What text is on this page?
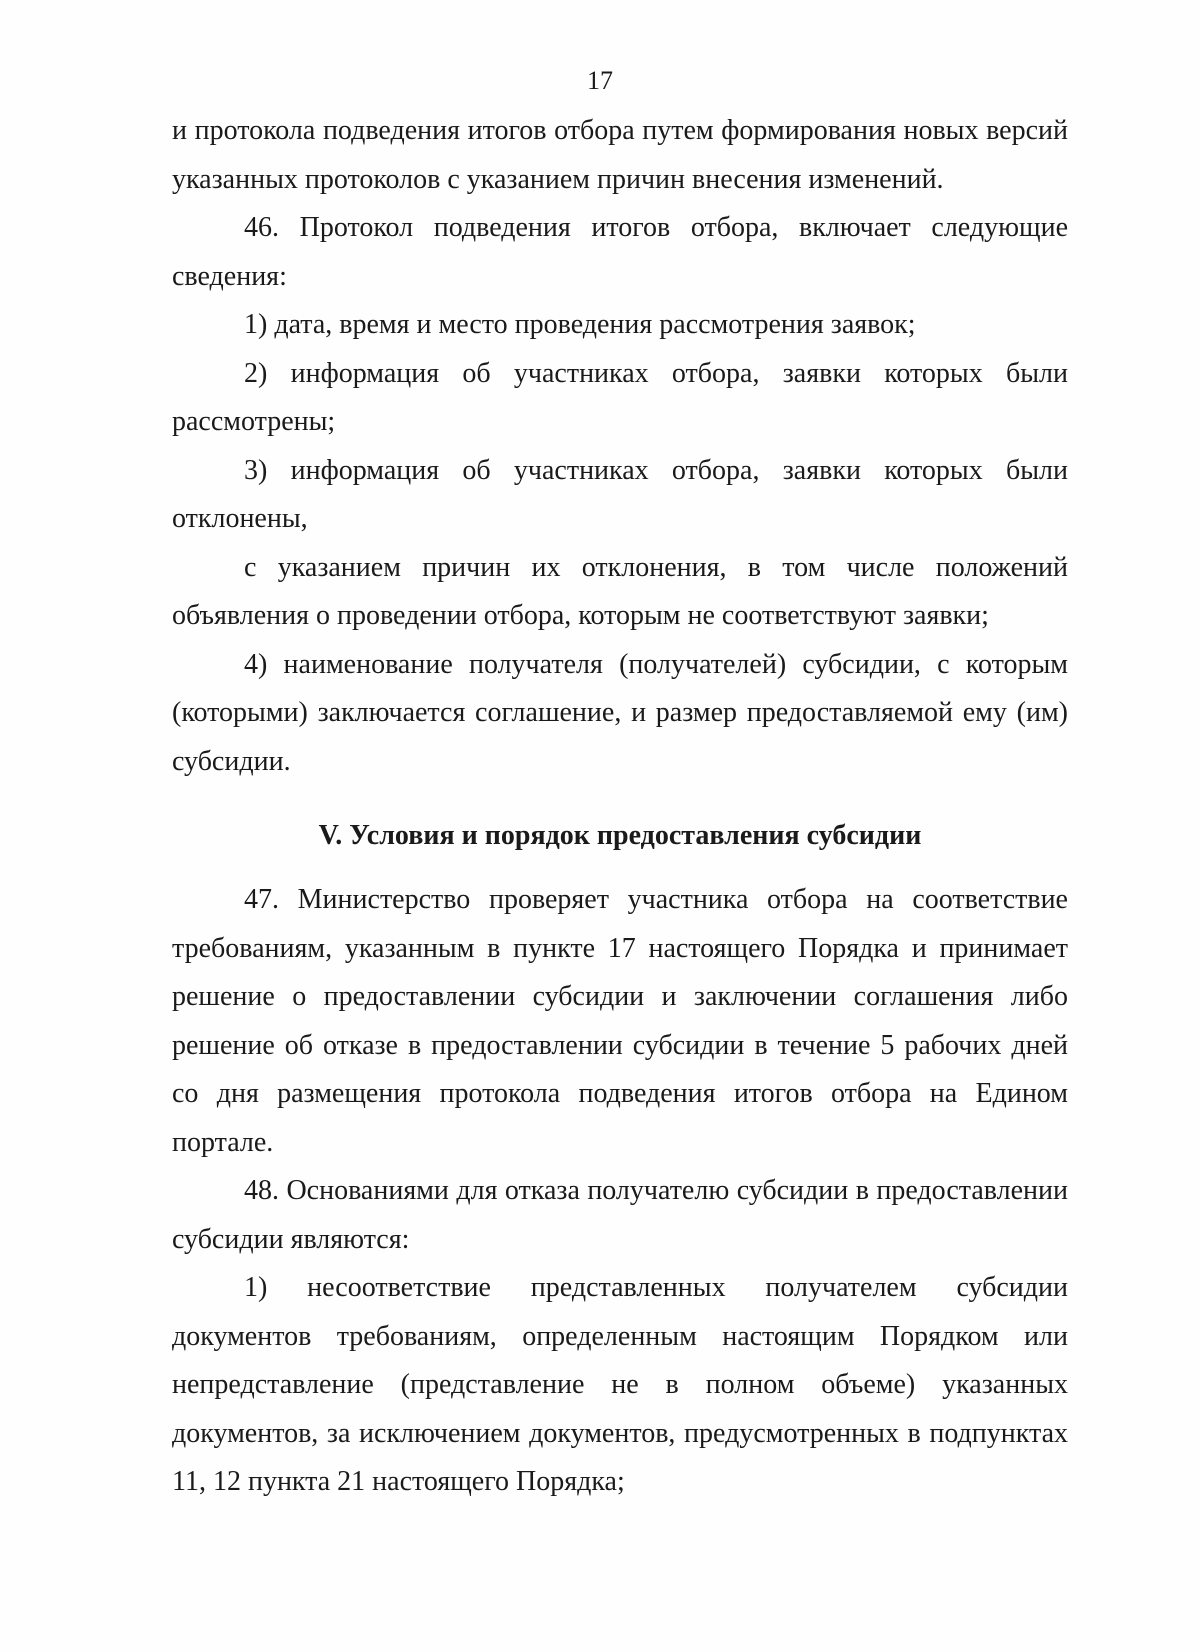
17

и протокола подведения итогов отбора путем формирования новых версий указанных протоколов с указанием причин внесения изменений.

46. Протокол подведения итогов отбора, включает следующие сведения:

1) дата, время и место проведения рассмотрения заявок;

2) информация об участниках отбора, заявки которых были рассмотрены;

3) информация об участниках отбора, заявки которых были отклонены,

с указанием причин их отклонения, в том числе положений объявления о проведении отбора, которым не соответствуют заявки;

4) наименование получателя (получателей) субсидии, с которым (которыми) заключается соглашение, и размер предоставляемой ему (им) субсидии.

V. Условия и порядок предоставления субсидии

47. Министерство проверяет участника отбора на соответствие требованиям, указанным в пункте 17 настоящего Порядка и принимает решение о предоставлении субсидии и заключении соглашения либо решение об отказе в предоставлении субсидии в течение 5 рабочих дней со дня размещения протокола подведения итогов отбора на Едином портале.

48. Основаниями для отказа получателю субсидии в предоставлении субсидии являются:

1) несоответствие представленных получателем субсидии документов требованиям, определенным настоящим Порядком или непредставление (представление не в полном объеме) указанных документов, за исключением документов, предусмотренных в подпунктах 11, 12 пункта 21 настоящего Порядка;
